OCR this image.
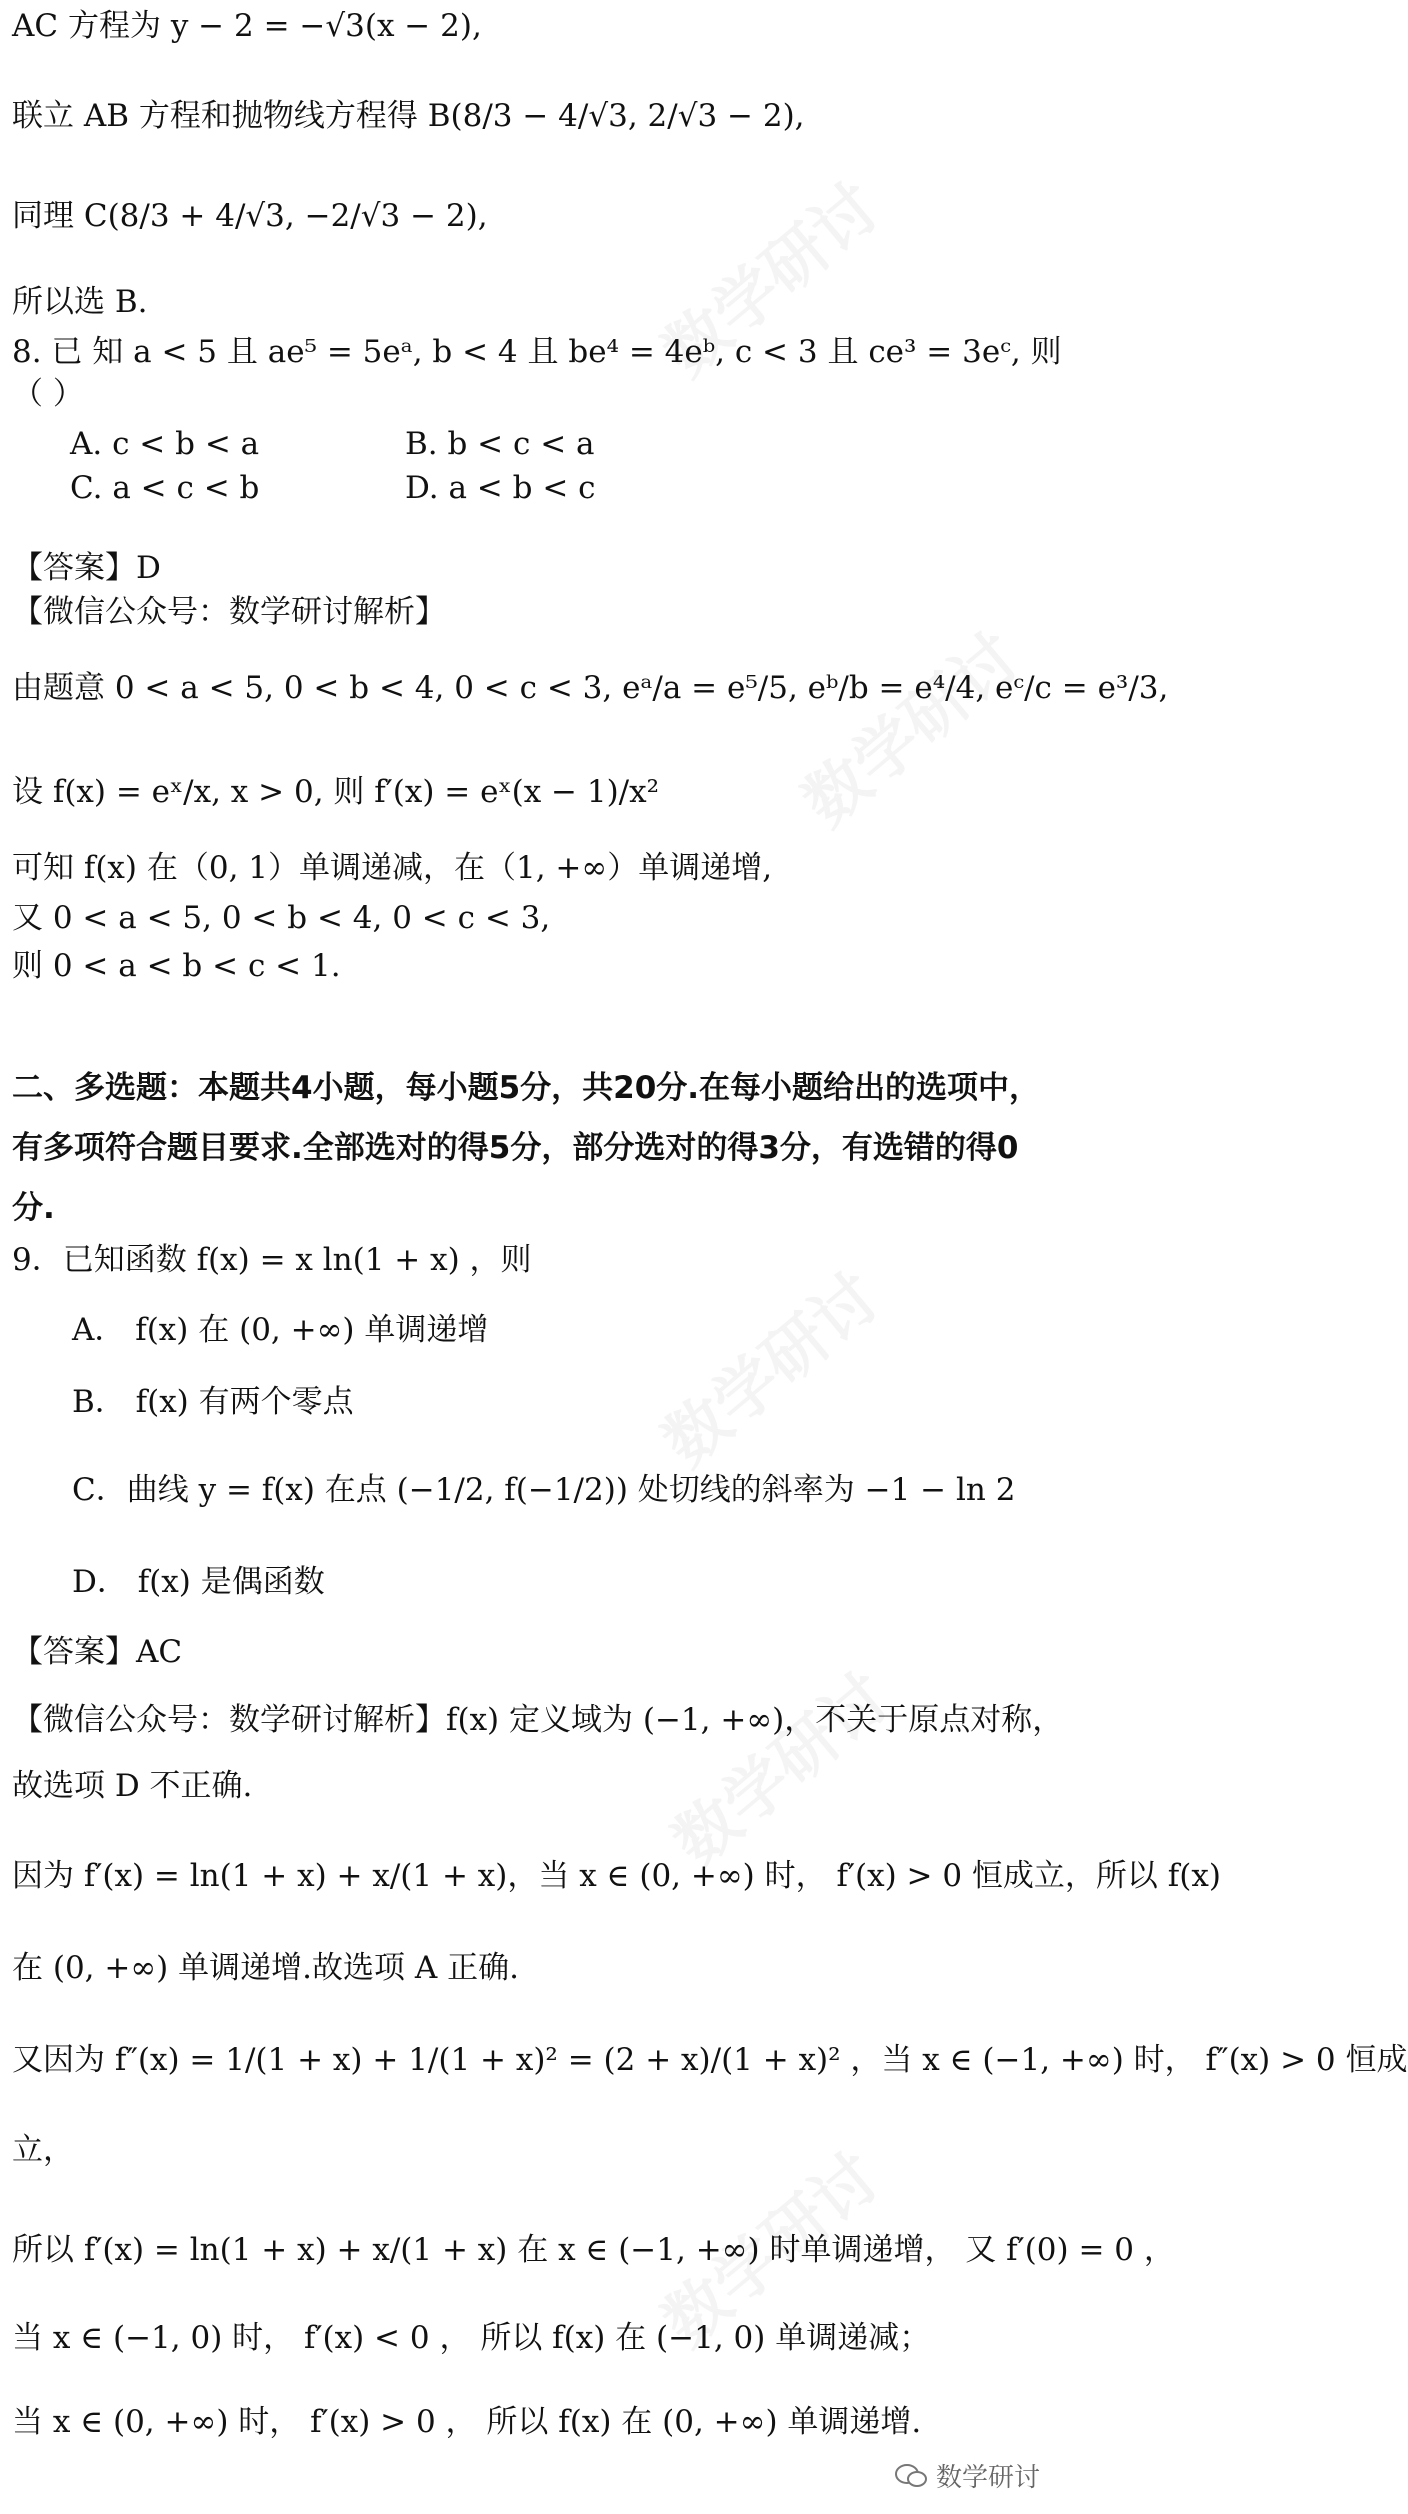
AC 方程为 y − 2 = −√3(x − 2),
联立 AB 方程和抛物线方程得 B(8/3 − 4/√3, 2/√3 − 2),
同理 C(8/3 + 4/√3, −2/√3 − 2),
所以选 B.
8. 已 知 a < 5 且 ae⁵ = 5eᵃ, b < 4 且 be⁴ = 4eᵇ, c < 3 且 ce³ = 3eᶜ, 则
（ ）
A. c < b < a	B. b < c < a
C. a < c < b	D. a < b < c
【答案】D
【微信公众号：数学研讨解析】
由题意 0 < a < 5, 0 < b < 4, 0 < c < 3, eᵃ/a = e⁵/5, eᵇ/b = e⁴/4, eᶜ/c = e³/3,
设 f(x) = eˣ/x, x > 0, 则 f′(x) = eˣ(x − 1)/x²
可知 f(x) 在（0, 1）单调递减，在（1, +∞）单调递增,
又 0 < a < 5, 0 < b < 4, 0 < c < 3,
则 0 < a < b < c < 1.
二、多选题：本题共4小题，每小题5分，共20分.在每小题给出的选项中，
有多项符合题目要求.全部选对的得5分，部分选对的得3分，有选错的得0
分.
9．已知函数 f(x) = x ln(1 + x) ，则
A． f(x) 在 (0, +∞) 单调递增
B． f(x) 有两个零点
C．曲线 y = f(x) 在点 (−1/2, f(−1/2)) 处切线的斜率为 −1 − ln 2
D． f(x) 是偶函数
【答案】AC
【微信公众号：数学研讨解析】f(x) 定义域为 (−1, +∞)，不关于原点对称，
故选项 D 不正确.
因为 f′(x) = ln(1 + x) + x/(1 + x)，当 x ∈ (0, +∞) 时， f′(x) > 0 恒成立，所以 f(x)
在 (0, +∞) 单调递增.故选项 A 正确.
又因为 f″(x) = 1/(1 + x) + 1/(1 + x)² = (2 + x)/(1 + x)² ，当 x ∈ (−1, +∞) 时， f″(x) > 0 恒成
立，
所以 f′(x) = ln(1 + x) + x/(1 + x) 在 x ∈ (−1, +∞) 时单调递增， 又 f′(0) = 0 ，
当 x ∈ (−1, 0) 时， f′(x) < 0 ， 所以 f(x) 在 (−1, 0) 单调递减；
当 x ∈ (0, +∞) 时， f′(x) > 0 ， 所以 f(x) 在 (0, +∞) 单调递增.
数学研讨
